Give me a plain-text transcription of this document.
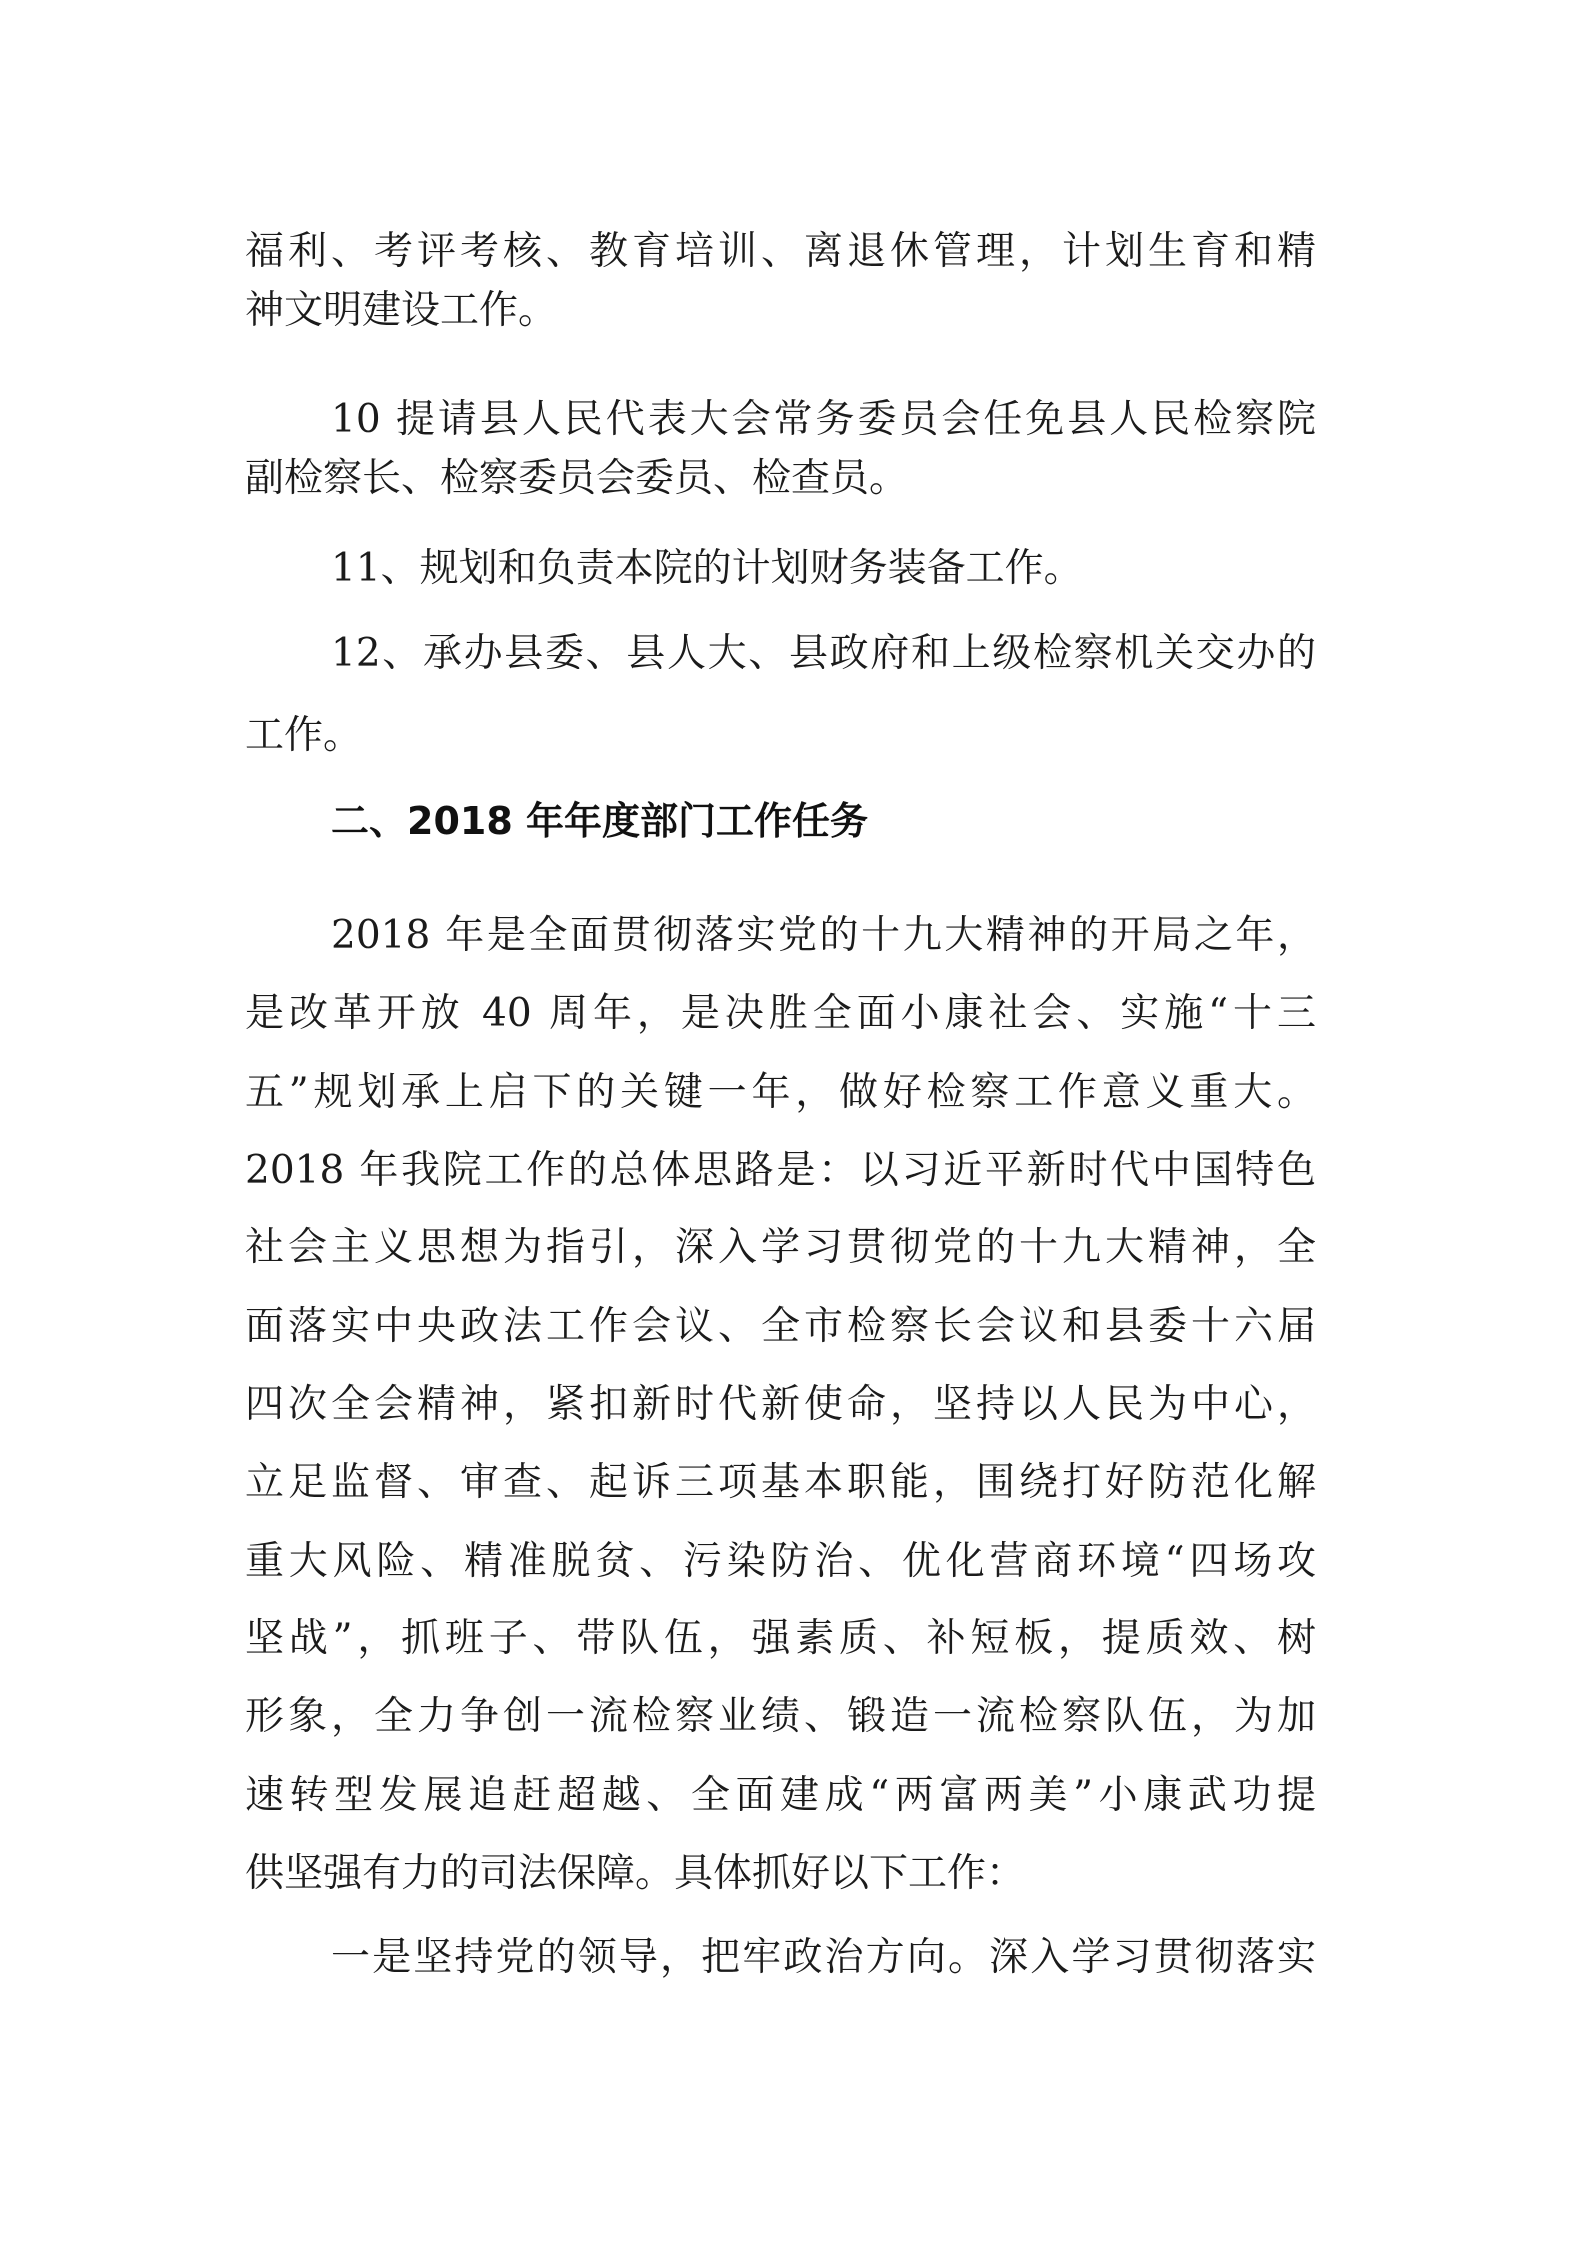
福利、考评考核、教育培训、离退休管理，计划生育和精
神文明建设工作。
10 提请县人民代表大会常务委员会任免县人民检察院
副检察长、检察委员会委员、检查员。
11、规划和负责本院的计划财务装备工作。
12、承办县委、县人大、县政府和上级检察机关交办的
工作。
二、2018 年年度部门工作任务
2018 年是全面贯彻落实党的十九大精神的开局之年，
是改革开放 40 周年，是决胜全面小康社会、实施“十三
五”规划承上启下的关键一年，做好检察工作意义重大。
2018 年我院工作的总体思路是：以习近平新时代中国特色
社会主义思想为指引，深入学习贯彻党的十九大精神，全
面落实中央政法工作会议、全市检察长会议和县委十六届
四次全会精神，紧扣新时代新使命，坚持以人民为中心，
立足监督、审查、起诉三项基本职能，围绕打好防范化解
重大风险、精准脱贫、污染防治、优化营商环境“四场攻
坚战”，抓班子、带队伍，强素质、补短板，提质效、树
形象，全力争创一流检察业绩、锻造一流检察队伍，为加
速转型发展追赶超越、全面建成“两富两美”小康武功提
供坚强有力的司法保障。具体抓好以下工作：
一是坚持党的领导，把牢政治方向。深入学习贯彻落实
